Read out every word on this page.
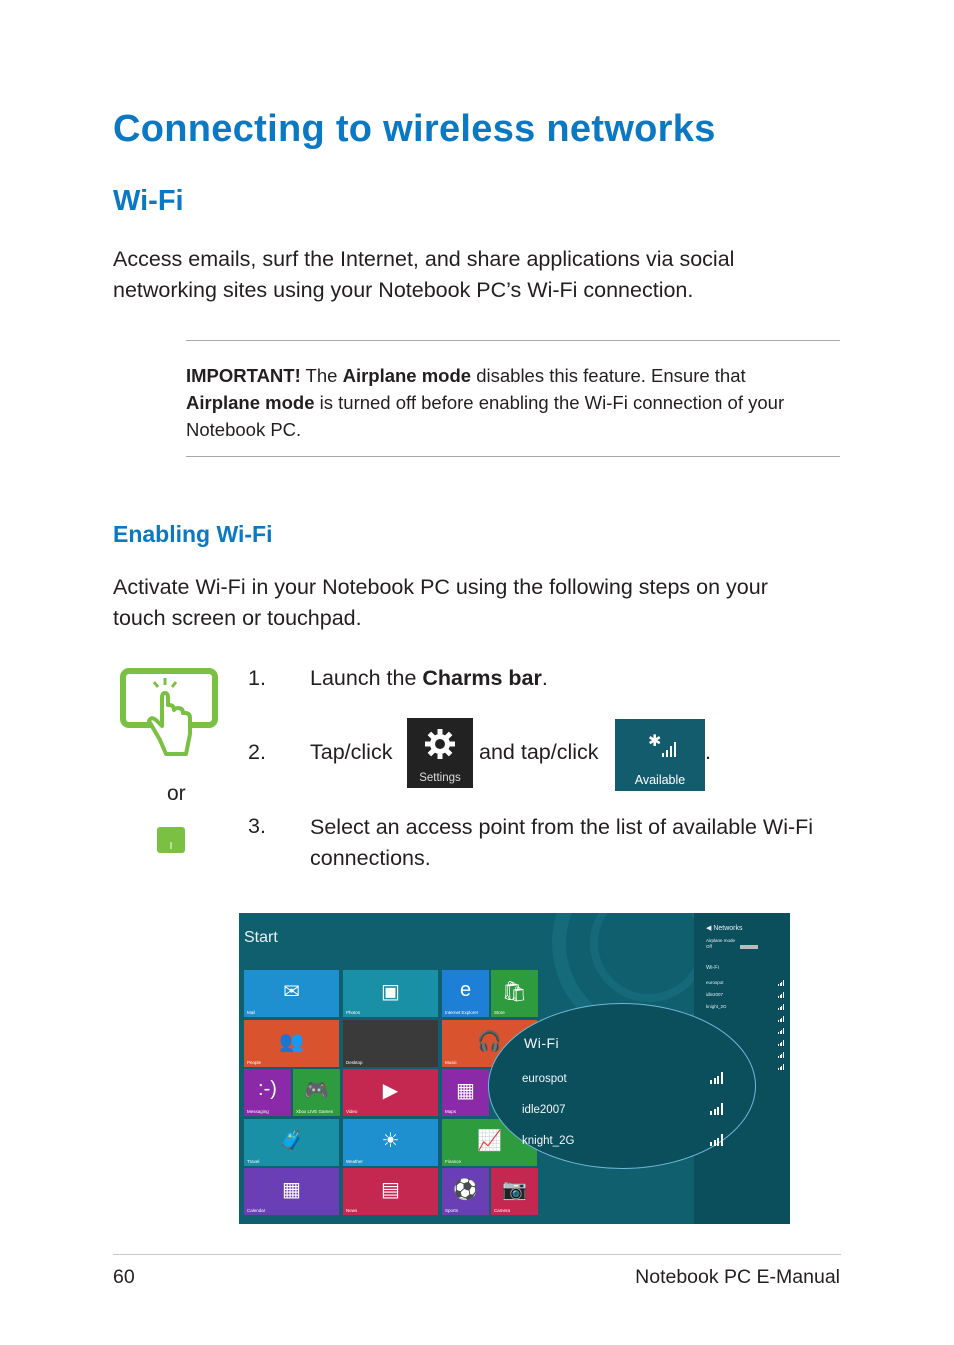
Connecting to wireless networks
Wi-Fi
Access emails, surf the Internet, and share applications via social
networking sites using your Notebook PC’s Wi-Fi connection.
IMPORTANT! The Airplane mode disables this feature. Ensure that
Airplane mode is turned off before enabling the Wi-Fi connection of your
Notebook PC.
Enabling Wi-Fi
Activate Wi-Fi in your Notebook PC using the following steps on your
touch screen or touchpad.
or
I
1. Launch the Charms bar.
2. Tap/click
Settings
and tap/click	✱
Available
.
3. Select an access point from the list of available Wi-Fi
connections.
Start
✉
Mail
▣
Photos
e
Internet Explorer
🛍
Store
👥
People	Desktop
🎧
Music
:-)
Messaging
🎮
Xbox LIVE Games
▶
Video
▦
Maps
🧳
Travel
☀
Weather
📈
Finance
▦
Calendar
▤
News
⚽
Sports
📷
Camera
◀ Networks
Airplane mode
Off
Wi-Fi
eurospot
idle2007
knight_2G
Wi-Fi
eurospot
idle2007
knight_2G
60	Notebook PC E-Manual
